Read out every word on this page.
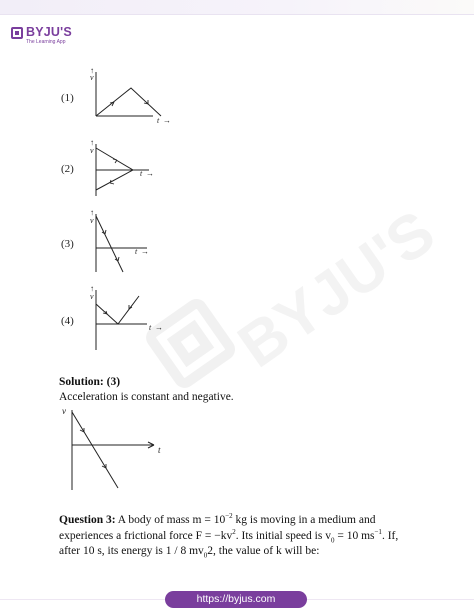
BYJU'S
The Learning App
BYJU'S
(1)
↑
v
t →
(2)
↑
v
t →
(3)
↑
v
t →
(4)
↑
v
t →
Solution: (3)
Acceleration is constant and negative.
v
t
Question 3: A body of mass $m = 10^{-2}$ kg is moving in a medium and experiences a frictional force $F = -kv^2$. Its initial speed is $v_0 = 10$ $ms^{-1}$. If, after 10 s, its energy is 1 / 8 $mv_02$, the value of k will be:
https://byjus.com
